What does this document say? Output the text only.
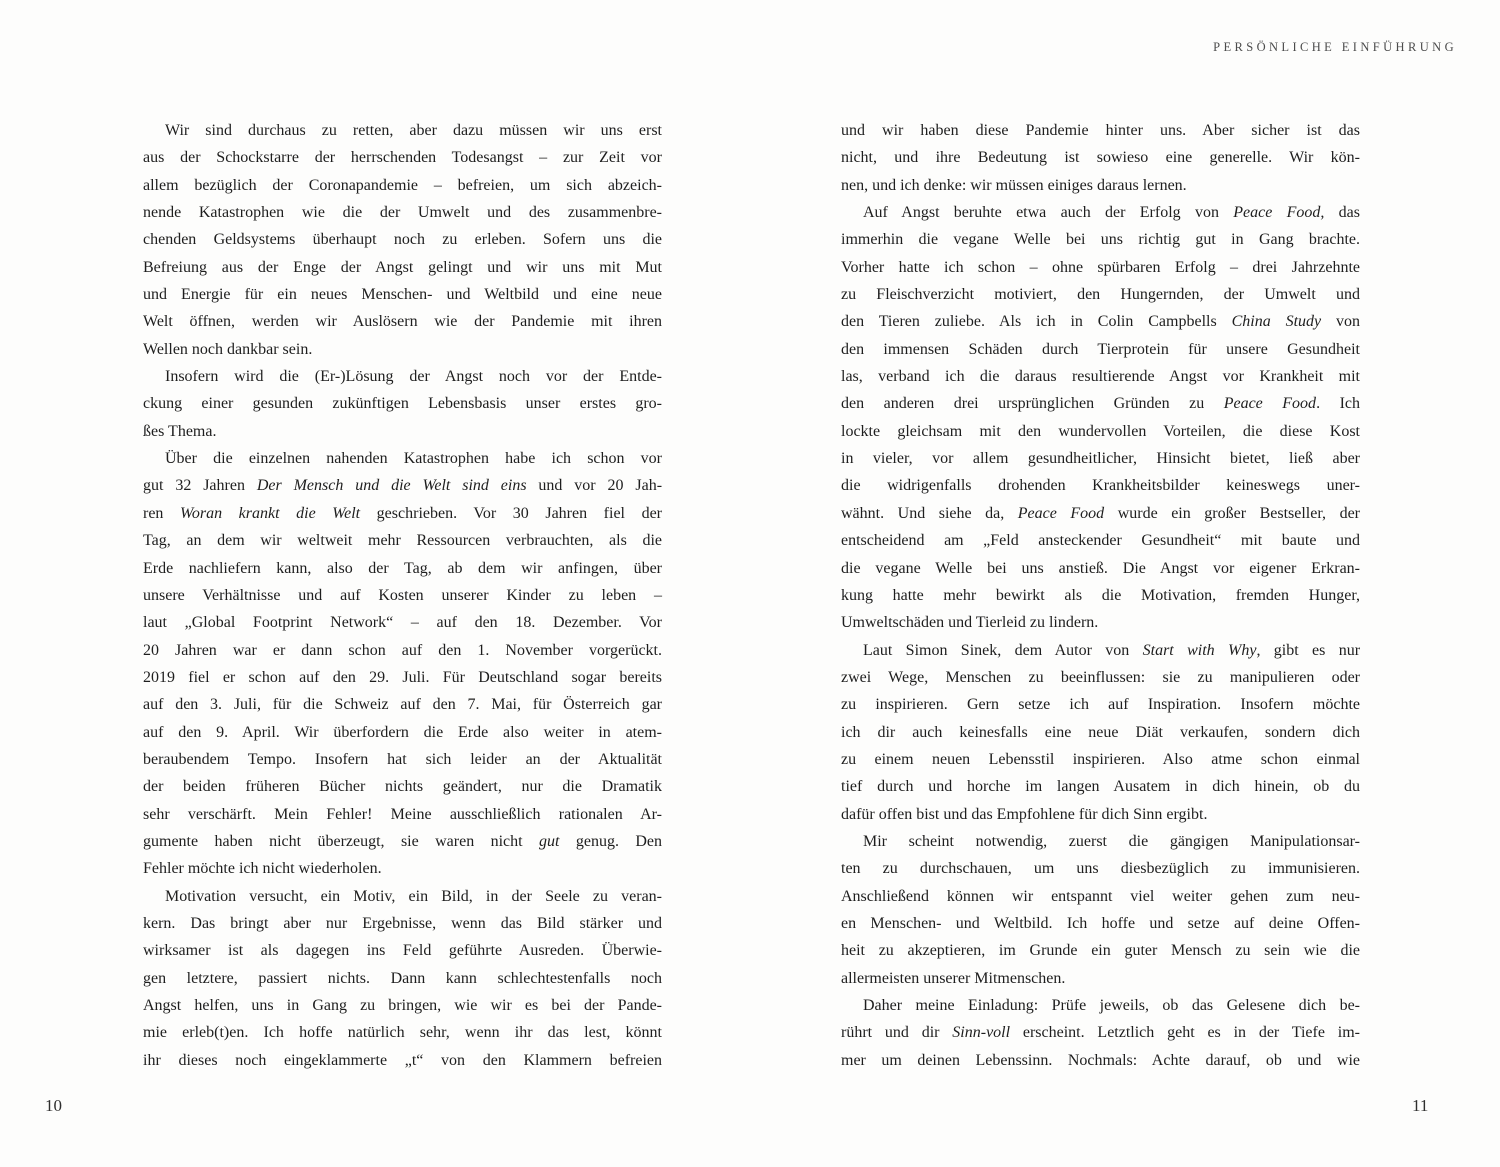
PERSÖNLICHE EINFÜHRUNG
Wir sind durchaus zu retten, aber dazu müssen wir uns erst
aus der Schockstarre der herrschenden Todesangst – zur Zeit vor
allem bezüglich der Coronapandemie – befreien, um sich abzeich-
nende Katastrophen wie die der Umwelt und des zusammenbre-
chenden Geldsystems überhaupt noch zu erleben. Sofern uns die
Befreiung aus der Enge der Angst gelingt und wir uns mit Mut
und Energie für ein neues Menschen- und Weltbild und eine neue
Welt öffnen, werden wir Auslösern wie der Pandemie mit ihren
Wellen noch dankbar sein.
Insofern wird die (Er-)Lösung der Angst noch vor der Entde-
ckung einer gesunden zukünftigen Lebensbasis unser erstes gro-
ßes Thema.
Über die einzelnen nahenden Katastrophen habe ich schon vor
gut 32 Jahren Der Mensch und die Welt sind eins und vor 20 Jah-
ren Woran krankt die Welt geschrieben. Vor 30 Jahren fiel der
Tag, an dem wir weltweit mehr Ressourcen verbrauchten, als die
Erde nachliefern kann, also der Tag, ab dem wir anfingen, über
unsere Verhältnisse und auf Kosten unserer Kinder zu leben –
laut „Global Footprint Network“ – auf den 18. Dezember. Vor
20 Jahren war er dann schon auf den 1. November vorgerückt.
2019 fiel er schon auf den 29. Juli. Für Deutschland sogar bereits
auf den 3. Juli, für die Schweiz auf den 7. Mai, für Österreich gar
auf den 9. April. Wir überfordern die Erde also weiter in atem-
beraubendem Tempo. Insofern hat sich leider an der Aktualität
der beiden früheren Bücher nichts geändert, nur die Dramatik
sehr verschärft. Mein Fehler! Meine ausschließlich rationalen Ar-
gumente haben nicht überzeugt, sie waren nicht gut genug. Den
Fehler möchte ich nicht wiederholen.
Motivation versucht, ein Motiv, ein Bild, in der Seele zu veran-
kern. Das bringt aber nur Ergebnisse, wenn das Bild stärker und
wirksamer ist als dagegen ins Feld geführte Ausreden. Überwie-
gen letztere, passiert nichts. Dann kann schlechtestenfalls noch
Angst helfen, uns in Gang zu bringen, wie wir es bei der Pande-
mie erleb(t)en. Ich hoffe natürlich sehr, wenn ihr das lest, könnt
ihr dieses noch eingeklammerte „t“ von den Klammern befreien
und wir haben diese Pandemie hinter uns. Aber sicher ist das
nicht, und ihre Bedeutung ist sowieso eine generelle. Wir kön-
nen, und ich denke: wir müssen einiges daraus lernen.
Auf Angst beruhte etwa auch der Erfolg von Peace Food, das
immerhin die vegane Welle bei uns richtig gut in Gang brachte.
Vorher hatte ich schon – ohne spürbaren Erfolg – drei Jahrzehnte
zu Fleischverzicht motiviert, den Hungernden, der Umwelt und
den Tieren zuliebe. Als ich in Colin Campbells China Study von
den immensen Schäden durch Tierprotein für unsere Gesundheit
las, verband ich die daraus resultierende Angst vor Krankheit mit
den anderen drei ursprünglichen Gründen zu Peace Food. Ich
lockte gleichsam mit den wundervollen Vorteilen, die diese Kost
in vieler, vor allem gesundheitlicher, Hinsicht bietet, ließ aber
die widrigenfalls drohenden Krankheitsbilder keineswegs uner-
wähnt. Und siehe da, Peace Food wurde ein großer Bestseller, der
entscheidend am „Feld ansteckender Gesundheit“ mit baute und
die vegane Welle bei uns anstieß. Die Angst vor eigener Erkran-
kung hatte mehr bewirkt als die Motivation, fremden Hunger,
Umweltschäden und Tierleid zu lindern.
Laut Simon Sinek, dem Autor von Start with Why, gibt es nur
zwei Wege, Menschen zu beeinflussen: sie zu manipulieren oder
zu inspirieren. Gern setze ich auf Inspiration. Insofern möchte
ich dir auch keinesfalls eine neue Diät verkaufen, sondern dich
zu einem neuen Lebensstil inspirieren. Also atme schon einmal
tief durch und horche im langen Ausatem in dich hinein, ob du
dafür offen bist und das Empfohlene für dich Sinn ergibt.
Mir scheint notwendig, zuerst die gängigen Manipulationsar-
ten zu durchschauen, um uns diesbezüglich zu immunisieren.
Anschließend können wir entspannt viel weiter gehen zum neu-
en Menschen- und Weltbild. Ich hoffe und setze auf deine Offen-
heit zu akzeptieren, im Grunde ein guter Mensch zu sein wie die
allermeisten unserer Mitmenschen.
Daher meine Einladung: Prüfe jeweils, ob das Gelesene dich be-
rührt und dir Sinn-voll erscheint. Letztlich geht es in der Tiefe im-
mer um deinen Lebenssinn. Nochmals: Achte darauf, ob und wie
10	11
